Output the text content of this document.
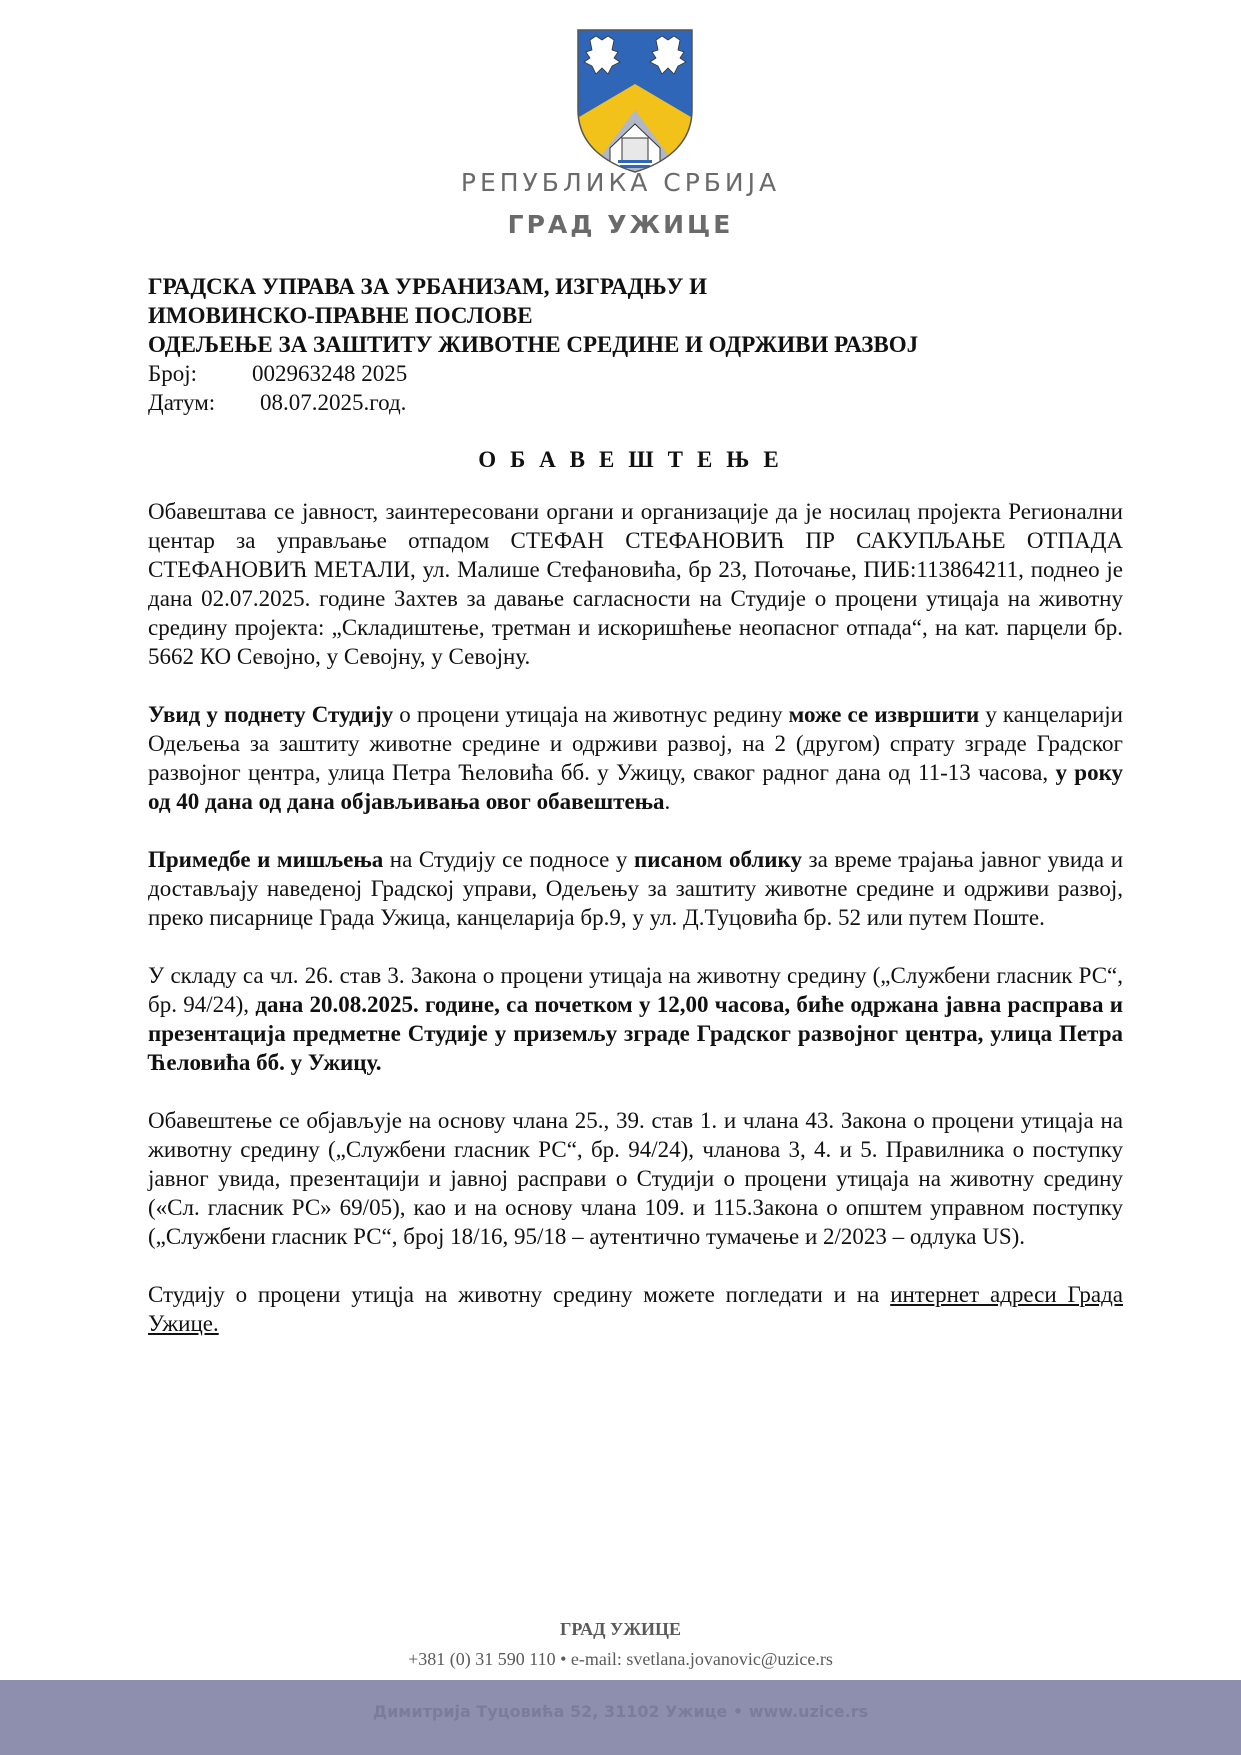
РЕПУБЛИКА СРБИЈА
ГРАД УЖИЦЕ
ГРАДСКА УПРАВА ЗА УРБАНИЗАМ, ИЗГРАДЊУ И
ИМОВИНСКО-ПРАВНЕ ПОСЛОВЕ
ОДЕЉЕЊЕ ЗА ЗАШТИТУ ЖИВОТНЕ СРЕДИНЕ И ОДРЖИВИ РАЗВОЈ
Број:	002963248 2025
Датум:	08.07.2025.год.
ОБАВЕШТЕЊЕ

Обавештава се јавност, заинтересовани органи и организације да је носилац пројекта Регионални центар за управљање отпадом СТЕФАН СТЕФАНОВИЋ ПР САКУПЉАЊЕ ОТПАДА СТЕФАНОВИЋ МЕТАЛИ, ул. Малише Стефановића, бр 23, Поточање, ПИБ:113864211, поднео је дана 02.07.2025. године Захтев за давање сагласности на Студије о процени утицаја на животну средину пројекта: „Складиштење, третман и искоришћење неопасног отпада“, на кат. парцели бр. 5662 КО Севојно, у Севојну, у Севојну.

Увид у поднету Студију о процени утицаја на животнус редину може се извршити у канцеларији Одељења за заштиту животне средине и одрживи развој, на 2 (другом) спрату зграде Градског развојног центра, улица Петра Ћеловића бб. у Ужицу, сваког радног дана од 11-13 часова, у року од 40 дана од дана објављивања овог обавештења.

Примедбе и мишљења на Студију се подносе у писаном облику за време трајања јавног увида и достављају наведеној Градској управи, Одељењу за заштиту животне средине и одрживи развој, преко писарнице Града Ужица, канцеларија бр.9, у ул. Д.Туцовића бр. 52 или путем Поште.

У складу са чл. 26. став 3. Закона о процени утицаја на животну средину („Службени гласник РС“, бр. 94/24), дана 20.08.2025. године, са почетком у 12,00 часова, биће одржана јавна расправа и презентација предметне Студије у приземљу зграде Градског развојног центра, улица Петра Ћеловића бб. у Ужицу.

Обавештење се објављује на основу члана 25., 39. став 1. и члана 43. Закона о процени утицаја на животну средину („Службени гласник РС“, бр. 94/24), чланова 3, 4. и 5. Правилника о поступку јавног увида, презентацији и јавној расправи о Студији о процени утицаја на животну средину («Сл. гласник РС» 69/05), као и на основу члана 109. и 115.Закона о општем управном поступку („Службени гласник РС“, број 18/16, 95/18 – аутентично тумачење и 2/2023 – одлука US).

Студију о процени утицја на животну средину можете погледати и на интернет адреси Града Ужице.

ГРАД УЖИЦЕ
+381 (0) 31 590 110 • e-mail: svetlana.jovanovic@uzice.rs
Димитрија Туцовића 52, 31102 Ужице • www.uzice.rs
